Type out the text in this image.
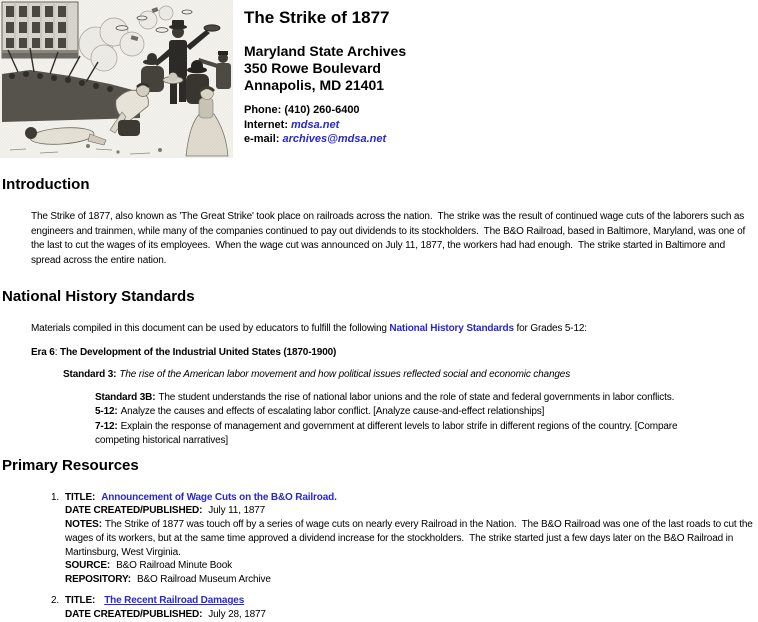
The Strike of 1877
Maryland State Archives
350 Rowe Boulevard
Annapolis, MD 21401
Phone: (410) 260-6400
Internet: mdsa.net
e-mail: archives@mdsa.net
Introduction
The Strike of 1877, also known as 'The Great Strike' took place on railroads across the nation.  The strike was the result of continued wage cuts of the laborers such as engineers and trainmen, while many of the companies continued to pay out dividends to its stockholders.  The B&O Railroad, based in Baltimore, Maryland, was one of the last to cut the wages of its employees.  When the wage cut was announced on July 11, 1877, the workers had had enough.  The strike started in Baltimore and spread across the entire nation.
National History Standards
Materials compiled in this document can be used by educators to fulfill the following National History Standards for Grades 5-12:
Era 6: The Development of the Industrial United States (1870-1900)
Standard 3: The rise of the American labor movement and how political issues reflected social and economic changes
Standard 3B: The student understands the rise of national labor unions and the role of state and federal governments in labor conflicts.
5-12: Analyze the causes and effects of escalating labor conflict. [Analyze cause-and-effect relationships]
7-12: Explain the response of management and government at different levels to labor strife in different regions of the country. [Compare competing historical narratives]
Primary Resources
1. TITLE: Announcement of Wage Cuts on the B&O Railroad.
DATE CREATED/PUBLISHED: July 11, 1877
NOTES: The Strike of 1877 was touch off by a series of wage cuts on nearly every Railroad in the Nation.  The B&O Railroad was one of the last roads to cut the wages of its workers, but at the same time approved a dividend increase for the stockholders.  The strike started just a few days later on the B&O Railroad in Martinsburg, West Virginia.
SOURCE: B&O Railroad Minute Book
REPOSITORY: B&O Railroad Museum Archive
2. TITLE: The Recent Railroad Damages
DATE CREATED/PUBLISHED: July 28, 1877
